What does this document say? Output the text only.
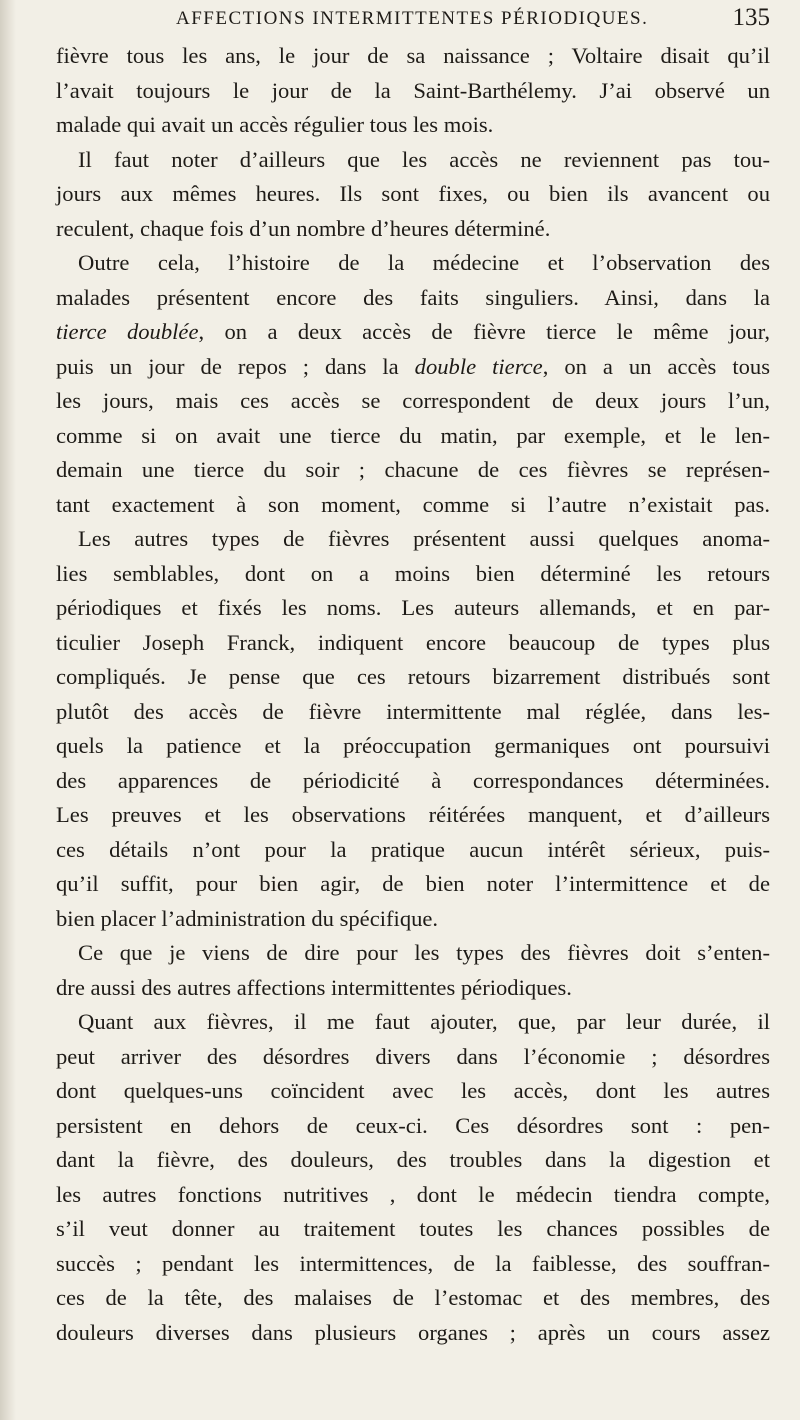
AFFECTIONS INTERMITTENTES PÉRIODIQUES.	135
fièvre tous les ans, le jour de sa naissance ; Voltaire disait qu’il
l’avait toujours le jour de la Saint-Barthélemy. J’ai observé un
malade qui avait un accès régulier tous les mois.
Il faut noter d’ailleurs que les accès ne reviennent pas tou-
jours aux mêmes heures. Ils sont fixes, ou bien ils avancent ou
reculent, chaque fois d’un nombre d’heures déterminé.
Outre cela, l’histoire de la médecine et l’observation des
malades présentent encore des faits singuliers. Ainsi, dans la
tierce doublée, on a deux accès de fièvre tierce le même jour,
puis un jour de repos ; dans la double tierce, on a un accès tous
les jours, mais ces accès se correspondent de deux jours l’un,
comme si on avait une tierce du matin, par exemple, et le len-
demain une tierce du soir ; chacune de ces fièvres se représen-
tant exactement à son moment, comme si l’autre n’existait pas.
Les autres types de fièvres présentent aussi quelques anoma-
lies semblables, dont on a moins bien déterminé les retours
périodiques et fixés les noms. Les auteurs allemands, et en par-
ticulier Joseph Franck, indiquent encore beaucoup de types plus
compliqués. Je pense que ces retours bizarrement distribués sont
plutôt des accès de fièvre intermittente mal réglée, dans les-
quels la patience et la préoccupation germaniques ont poursuivi
des apparences de périodicité à correspondances déterminées.
Les preuves et les observations réitérées manquent, et d’ailleurs
ces détails n’ont pour la pratique aucun intérêt sérieux, puis-
qu’il suffit, pour bien agir, de bien noter l’intermittence et de
bien placer l’administration du spécifique.
Ce que je viens de dire pour les types des fièvres doit s’enten-
dre aussi des autres affections intermittentes périodiques.
Quant aux fièvres, il me faut ajouter, que, par leur durée, il
peut arriver des désordres divers dans l’économie ; désordres
dont quelques-uns coïncident avec les accès, dont les autres
persistent en dehors de ceux-ci. Ces désordres sont : pen-
dant la fièvre, des douleurs, des troubles dans la digestion et
les autres fonctions nutritives , dont le médecin tiendra compte,
s’il veut donner au traitement toutes les chances possibles de
succès ; pendant les intermittences, de la faiblesse, des souffran-
ces de la tête, des malaises de l’estomac et des membres, des
douleurs diverses dans plusieurs organes ; après un cours assez
